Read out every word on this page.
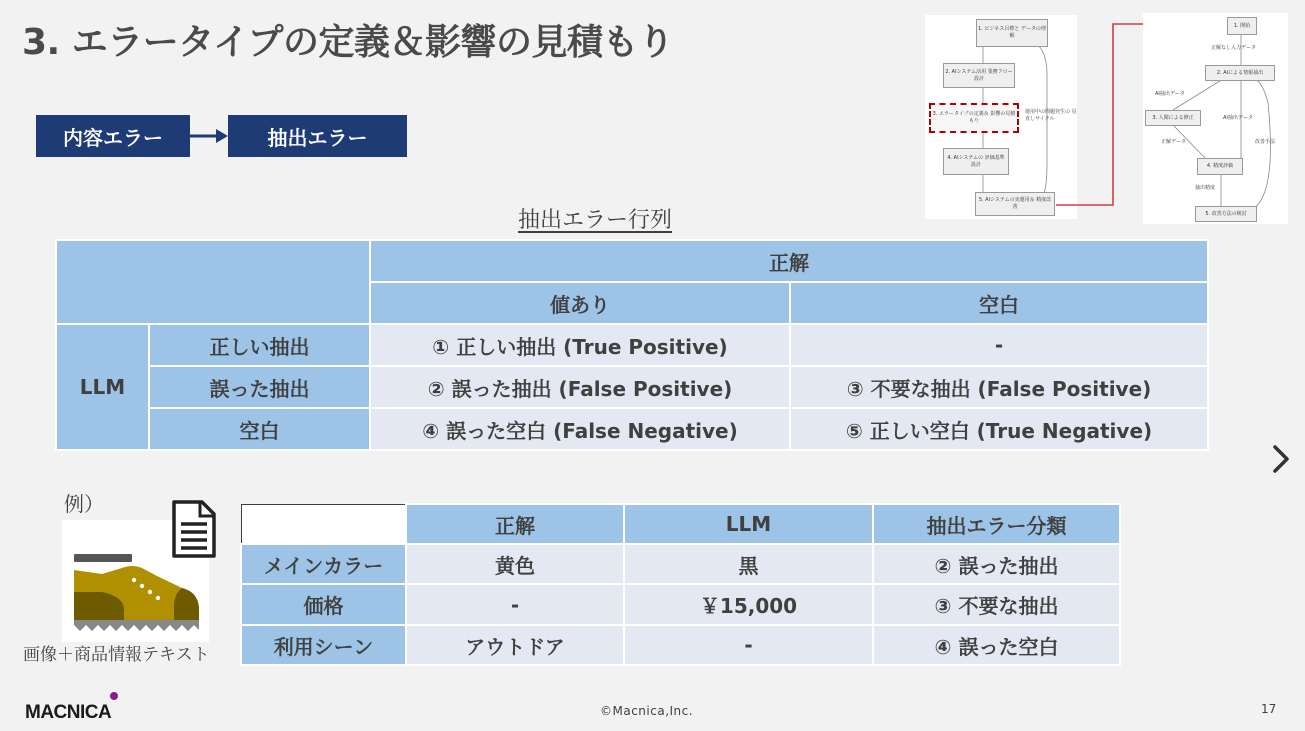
3. エラータイプの定義＆影響の見積もり
内容エラー	抽出エラー
1. ビジネス目標と データの理解
2. AIシステム活用 業務フロー設計
3. エラータイプの定義＆ 影響の見積もり
4. AIシステムの 評価基準設計
5. AIシステムの実運用＆ 精度改善
運用中の問題発生の 見直しサイクル
1. 開始
2. AIによる情報抽出
3. 人間による修正
4. 精度評価
5. 改善方法の検討
正解なし入力データ
AI抽出データ
AI抽出データ
正解データ	改善手法
抽出精度
抽出エラー行列
		正解	
		値あり	空白
LLM	正しい抽出	① 正しい抽出 (True Positive)	-
	誤った抽出	② 誤った抽出 (False Positive)	③ 不要な抽出 (False Positive)
	空白	④ 誤った空白 (False Negative)	⑤ 正しい空白 (True Negative)
例）
画像＋商品情報テキスト
	正解	LLM	抽出エラー分類
メインカラー	黄色	黒	② 誤った抽出
価格	-	￥15,000	③ 不要な抽出
利用シーン	アウトドア	-	④ 誤った空白
MACNICA	©Macnica,Inc.	17
